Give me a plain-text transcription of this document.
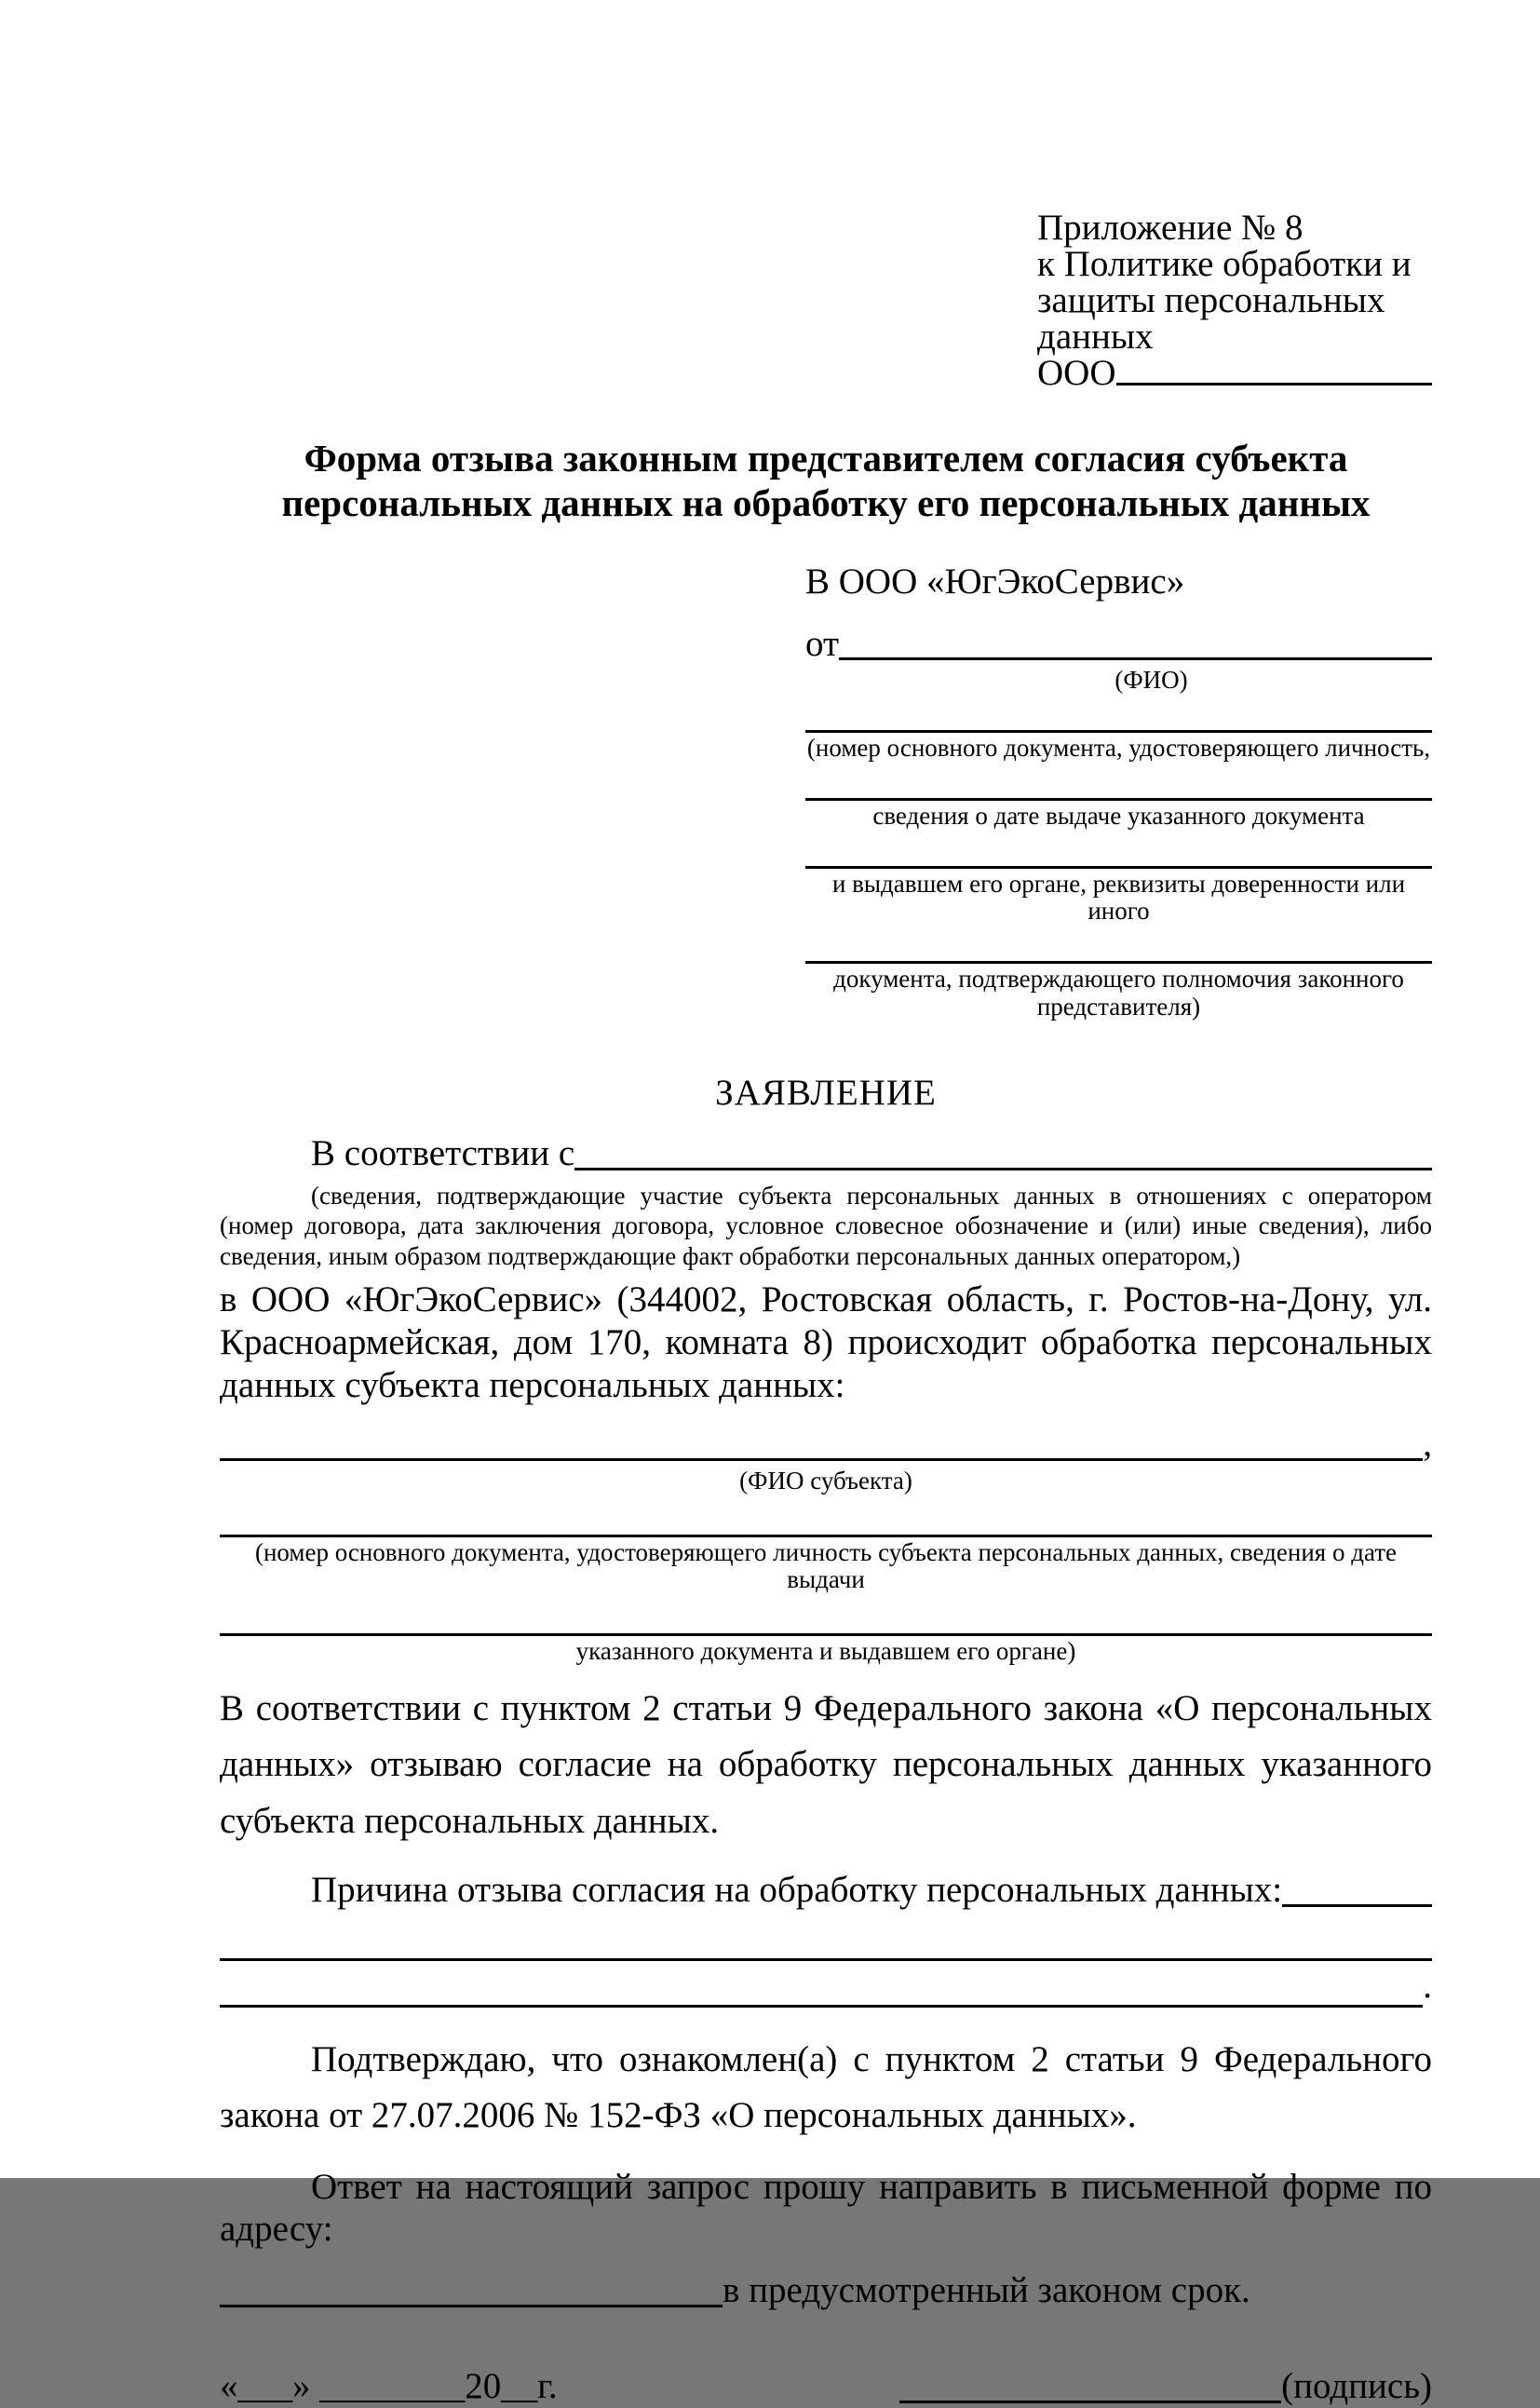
Приложение № 8
к Политике обработки и
защиты персональных данных
ООО
Форма отзыва законным представителем согласия субъекта персональных данных на обработку его персональных данных
В ООО «ЮгЭкоСервис»
от
(ФИО)
(номер основного документа, удостоверяющего личность,
сведения о дате выдаче указанного документа
и выдавшем его органе, реквизиты доверенности или иного
документа, подтверждающего полномочия законного представителя)
ЗАЯВЛЕНИЕ
В соответствии с

(сведения, подтверждающие участие субъекта персональных данных в отношениях с оператором (номер договора, дата заключения договора, условное словесное обозначение и (или) иные сведения), либо сведения, иным образом подтверждающие факт обработки персональных данных оператором,)

в ООО «ЮгЭкоСервис» (344002, Ростовская область, г. Ростов-на-Дону, ул. Красноармейская, дом 170, комната 8) происходит обработка персональных данных субъекта персональных данных:

,
(ФИО субъекта)
(номер основного документа, удостоверяющего личность субъекта персональных данных, сведения о дате выдачи
указанного документа и выдавшем его органе)

В соответствии с пунктом 2 статьи 9 Федерального закона «О персональных данных» отзываю согласие на обработку персональных данных указанного субъекта персональных данных.

Причина отзыва согласия на обработку персональных данных:
.

Подтверждаю, что ознакомлен(а) с пунктом 2 статьи 9 Федерального закона от 27.07.2006 № 152-ФЗ «О персональных данных».

Ответ на настоящий запрос прошу направить в письменной форме по адресу:
в предусмотренный законом срок.
«___» ________20__г.	(подпись)
